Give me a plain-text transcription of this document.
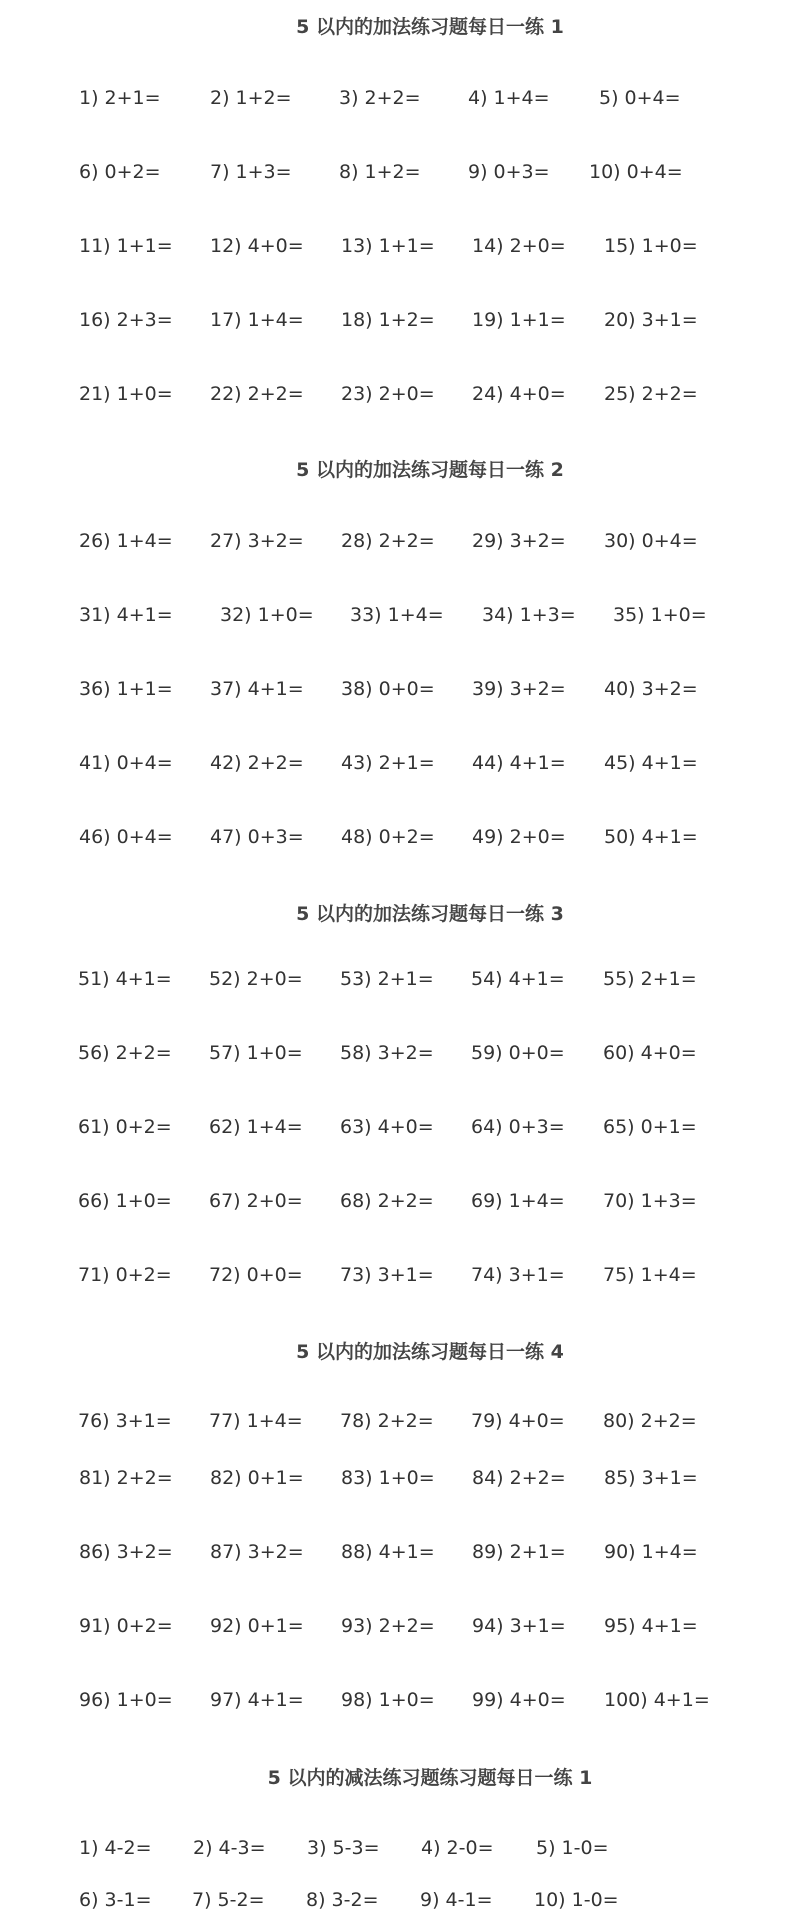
5 以内的加法练习题每日一练 1
1) 2+1=	2) 1+2= 3) 2+2= 4) 1+4=	5) 0+4=
6) 0+2=	7) 1+3= 8) 1+2= 9) 0+3= 10) 0+4=
11) 1+1= 12) 4+0= 13) 1+1= 14) 2+0= 15) 1+0=
16) 2+3= 17) 1+4= 18) 1+2= 19) 1+1= 20) 3+1=
21) 1+0= 22) 2+2= 23) 2+0= 24) 4+0= 25) 2+2=
5 以内的加法练习题每日一练 2
26) 1+4= 27) 3+2= 28) 2+2= 29) 3+2= 30) 0+4=
31) 4+1= 32) 1+0= 33) 1+4= 34) 1+3= 35) 1+0=
36) 1+1= 37) 4+1= 38) 0+0= 39) 3+2= 40) 3+2=
41) 0+4= 42) 2+2= 43) 2+1= 44) 4+1= 45) 4+1=
46) 0+4= 47) 0+3= 48) 0+2= 49) 2+0= 50) 4+1=
5 以内的加法练习题每日一练 3
51) 4+1= 52) 2+0= 53) 2+1= 54) 4+1= 55) 2+1=
56) 2+2= 57) 1+0= 58) 3+2= 59) 0+0= 60) 4+0=
61) 0+2= 62) 1+4= 63) 4+0= 64) 0+3= 65) 0+1=
66) 1+0= 67) 2+0= 68) 2+2= 69) 1+4= 70) 1+3=
71) 0+2= 72) 0+0= 73) 3+1= 74) 3+1= 75) 1+4=
5 以内的加法练习题每日一练 4
76) 3+1= 77) 1+4= 78) 2+2= 79) 4+0= 80) 2+2=
81) 2+2= 82) 0+1= 83) 1+0= 84) 2+2= 85) 3+1=
86) 3+2= 87) 3+2= 88) 4+1= 89) 2+1= 90) 1+4=
91) 0+2= 92) 0+1= 93) 2+2= 94) 3+1= 95) 4+1=
96) 1+0= 97) 4+1= 98) 1+0= 99) 4+0= 100) 4+1=
5 以内的减法练习题练习题每日一练 1
1) 4-2= 2) 4-3= 3) 5-3= 4) 2-0= 5) 1-0=
6) 3-1= 7) 5-2= 8) 3-2= 9) 4-1= 10) 1-0=
